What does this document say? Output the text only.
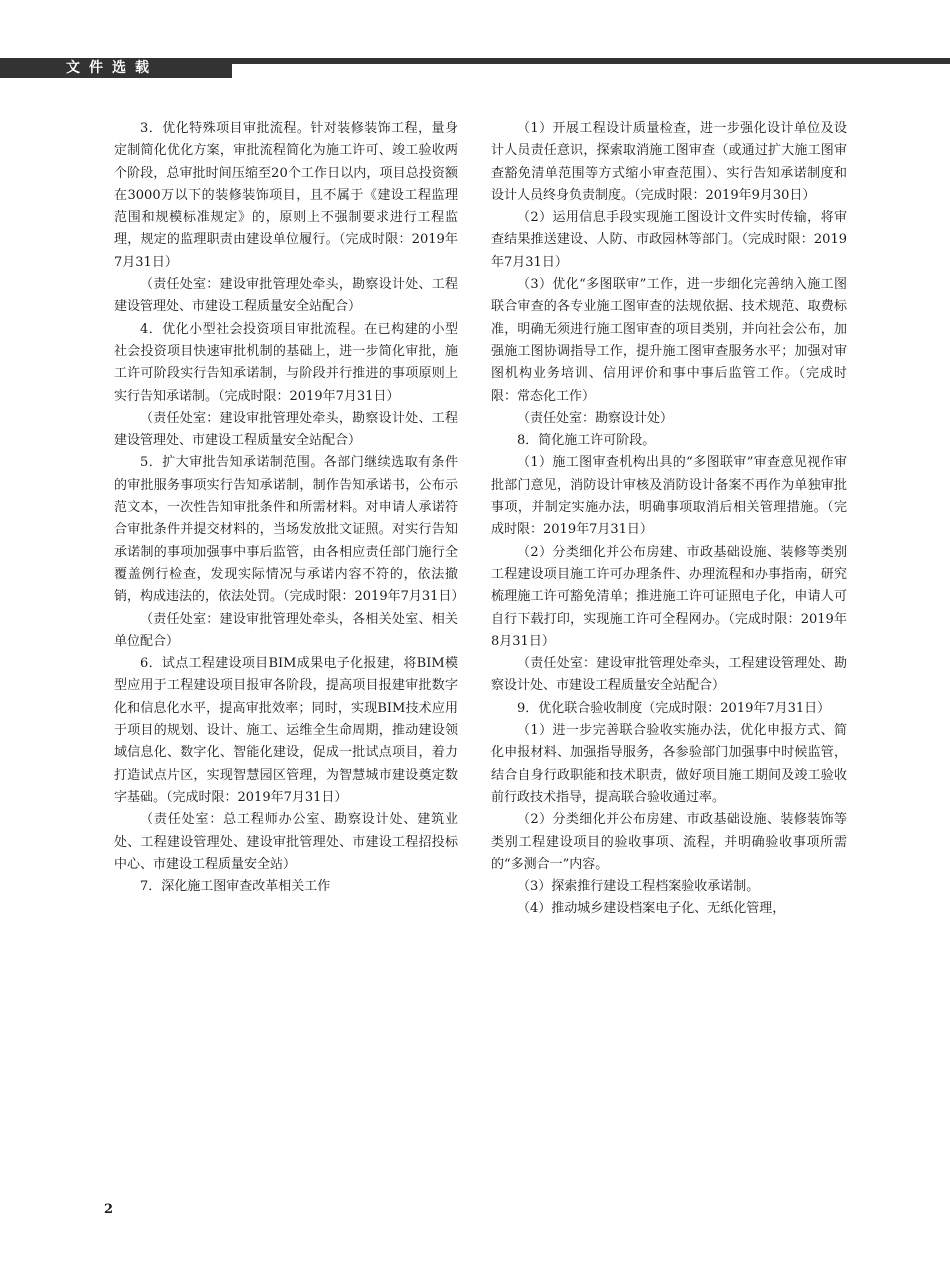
文件选载

3．优化特殊项目审批流程。针对装修装饰工程，量身定制简化优化方案，审批流程简化为施工许可、竣工验收两个阶段，总审批时间压缩至20个工作日以内，项目总投资额在3000万以下的装修装饰项目，且不属于《建设工程监理范围和规模标准规定》的，原则上不强制要求进行工程监理，规定的监理职责由建设单位履行。（完成时限：2019年7月31日）

（责任处室：建设审批管理处牵头，勘察设计处、工程建设管理处、市建设工程质量安全站配合）

4．优化小型社会投资项目审批流程。在已构建的小型社会投资项目快速审批机制的基础上，进一步简化审批，施工许可阶段实行告知承诺制，与阶段并行推进的事项原则上实行告知承诺制。（完成时限：2019年7月31日）

（责任处室：建设审批管理处牵头，勘察设计处、工程建设管理处、市建设工程质量安全站配合）

5．扩大审批告知承诺制范围。各部门继续选取有条件的审批服务事项实行告知承诺制，制作告知承诺书，公布示范文本，一次性告知审批条件和所需材料。对申请人承诺符合审批条件并提交材料的，当场发放批文证照。对实行告知承诺制的事项加强事中事后监管，由各相应责任部门施行全覆盖例行检查，发现实际情况与承诺内容不符的，依法撤销，构成违法的，依法处罚。（完成时限：2019年7月31日）

（责任处室：建设审批管理处牵头，各相关处室、相关单位配合）

6．试点工程建设项目BIM成果电子化报建，将BIM模型应用于工程建设项目报审各阶段，提高项目报建审批数字化和信息化水平，提高审批效率；同时，实现BIM技术应用于项目的规划、设计、施工、运维全生命周期，推动建设领域信息化、数字化、智能化建设，促成一批试点项目，着力打造试点片区，实现智慧园区管理，为智慧城市建设奠定数字基础。（完成时限：2019年7月31日）

（责任处室：总工程师办公室、勘察设计处、建筑业处、工程建设管理处、建设审批管理处、市建设工程招投标中心、市建设工程质量安全站）

7．深化施工图审查改革相关工作

（1）开展工程设计质量检查，进一步强化设计单位及设计人员责任意识，探索取消施工图审查（或通过扩大施工图审查豁免清单范围等方式缩小审查范围）、实行告知承诺制度和设计人员终身负责制度。（完成时限：2019年9月30日）

（2）运用信息手段实现施工图设计文件实时传输，将审查结果推送建设、人防、市政园林等部门。（完成时限：2019年7月31日）

（3）优化“多图联审”工作，进一步细化完善纳入施工图联合审查的各专业施工图审查的法规依据、技术规范、取费标准，明确无须进行施工图审查的项目类别，并向社会公布，加强施工图协调指导工作，提升施工图审查服务水平；加强对审图机构业务培训、信用评价和事中事后监管工作。（完成时限：常态化工作）

（责任处室：勘察设计处）

8．简化施工许可阶段。

（1）施工图审查机构出具的“多图联审”审查意见视作审批部门意见，消防设计审核及消防设计备案不再作为单独审批事项，并制定实施办法，明确事项取消后相关管理措施。（完成时限：2019年7月31日）

（2）分类细化并公布房建、市政基础设施、装修等类别工程建设项目施工许可办理条件、办理流程和办事指南，研究梳理施工许可豁免清单；推进施工许可证照电子化，申请人可自行下载打印，实现施工许可全程网办。（完成时限：2019年8月31日）

（责任处室：建设审批管理处牵头，工程建设管理处、勘察设计处、市建设工程质量安全站配合）

9．优化联合验收制度（完成时限：2019年7月31日）

（1）进一步完善联合验收实施办法，优化申报方式、简化申报材料、加强指导服务，各参验部门加强事中时候监管，结合自身行政职能和技术职责，做好项目施工期间及竣工验收前行政技术指导，提高联合验收通过率。

（2）分类细化并公布房建、市政基础设施、装修装饰等类别工程建设项目的验收事项、流程，并明确验收事项所需的“多测合一”内容。

（3）探索推行建设工程档案验收承诺制。

（4）推动城乡建设档案电子化、无纸化管理，

2
